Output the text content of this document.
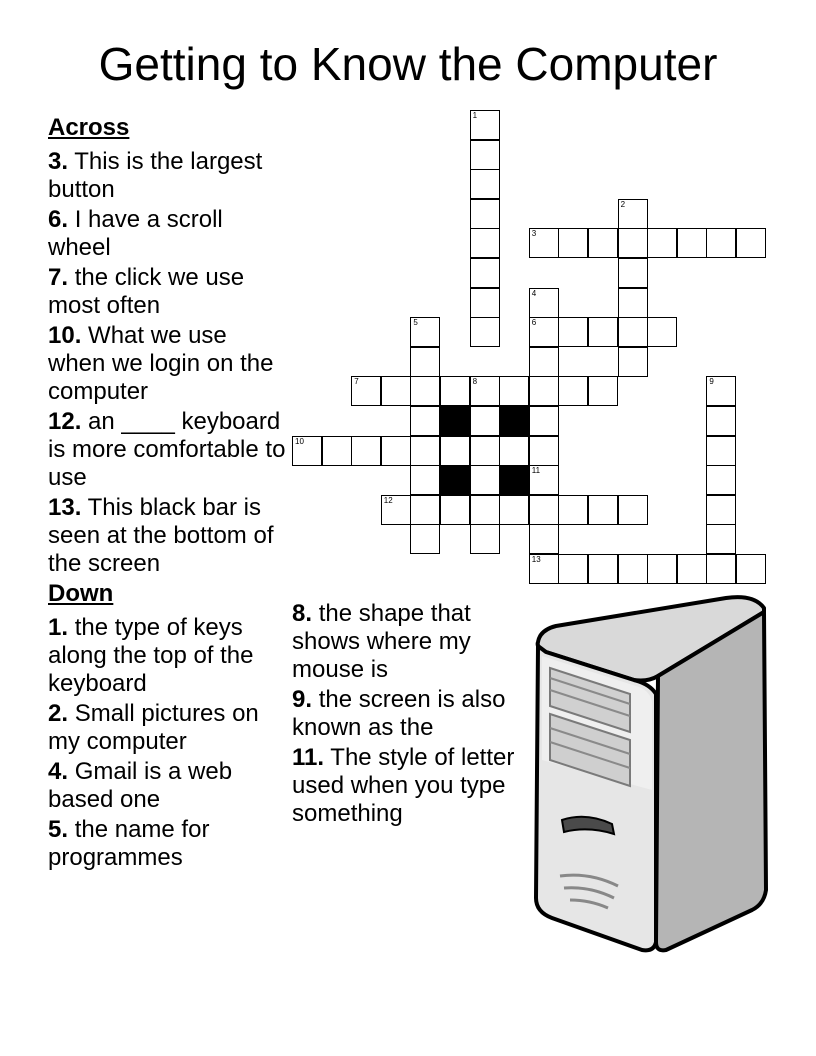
Getting to Know the Computer
Across
3. This is the largest button
6. I have a scroll wheel
7. the click we use most often
10. What we use when we login on the computer
12. an ____ keyboard is more comfortable to use
13. This black bar is seen at the bottom of the screen
Down
1. the type of keys along the top of the keyboard
2. Small pictures on my computer
4. Gmail is a web based one
5. the name for programmes
8. the shape that shows where my mouse is
9. the screen is also known as the
11. The style of letter used when you type something
1
2
3
4
6
11
5
7	8	9
10
13
12
